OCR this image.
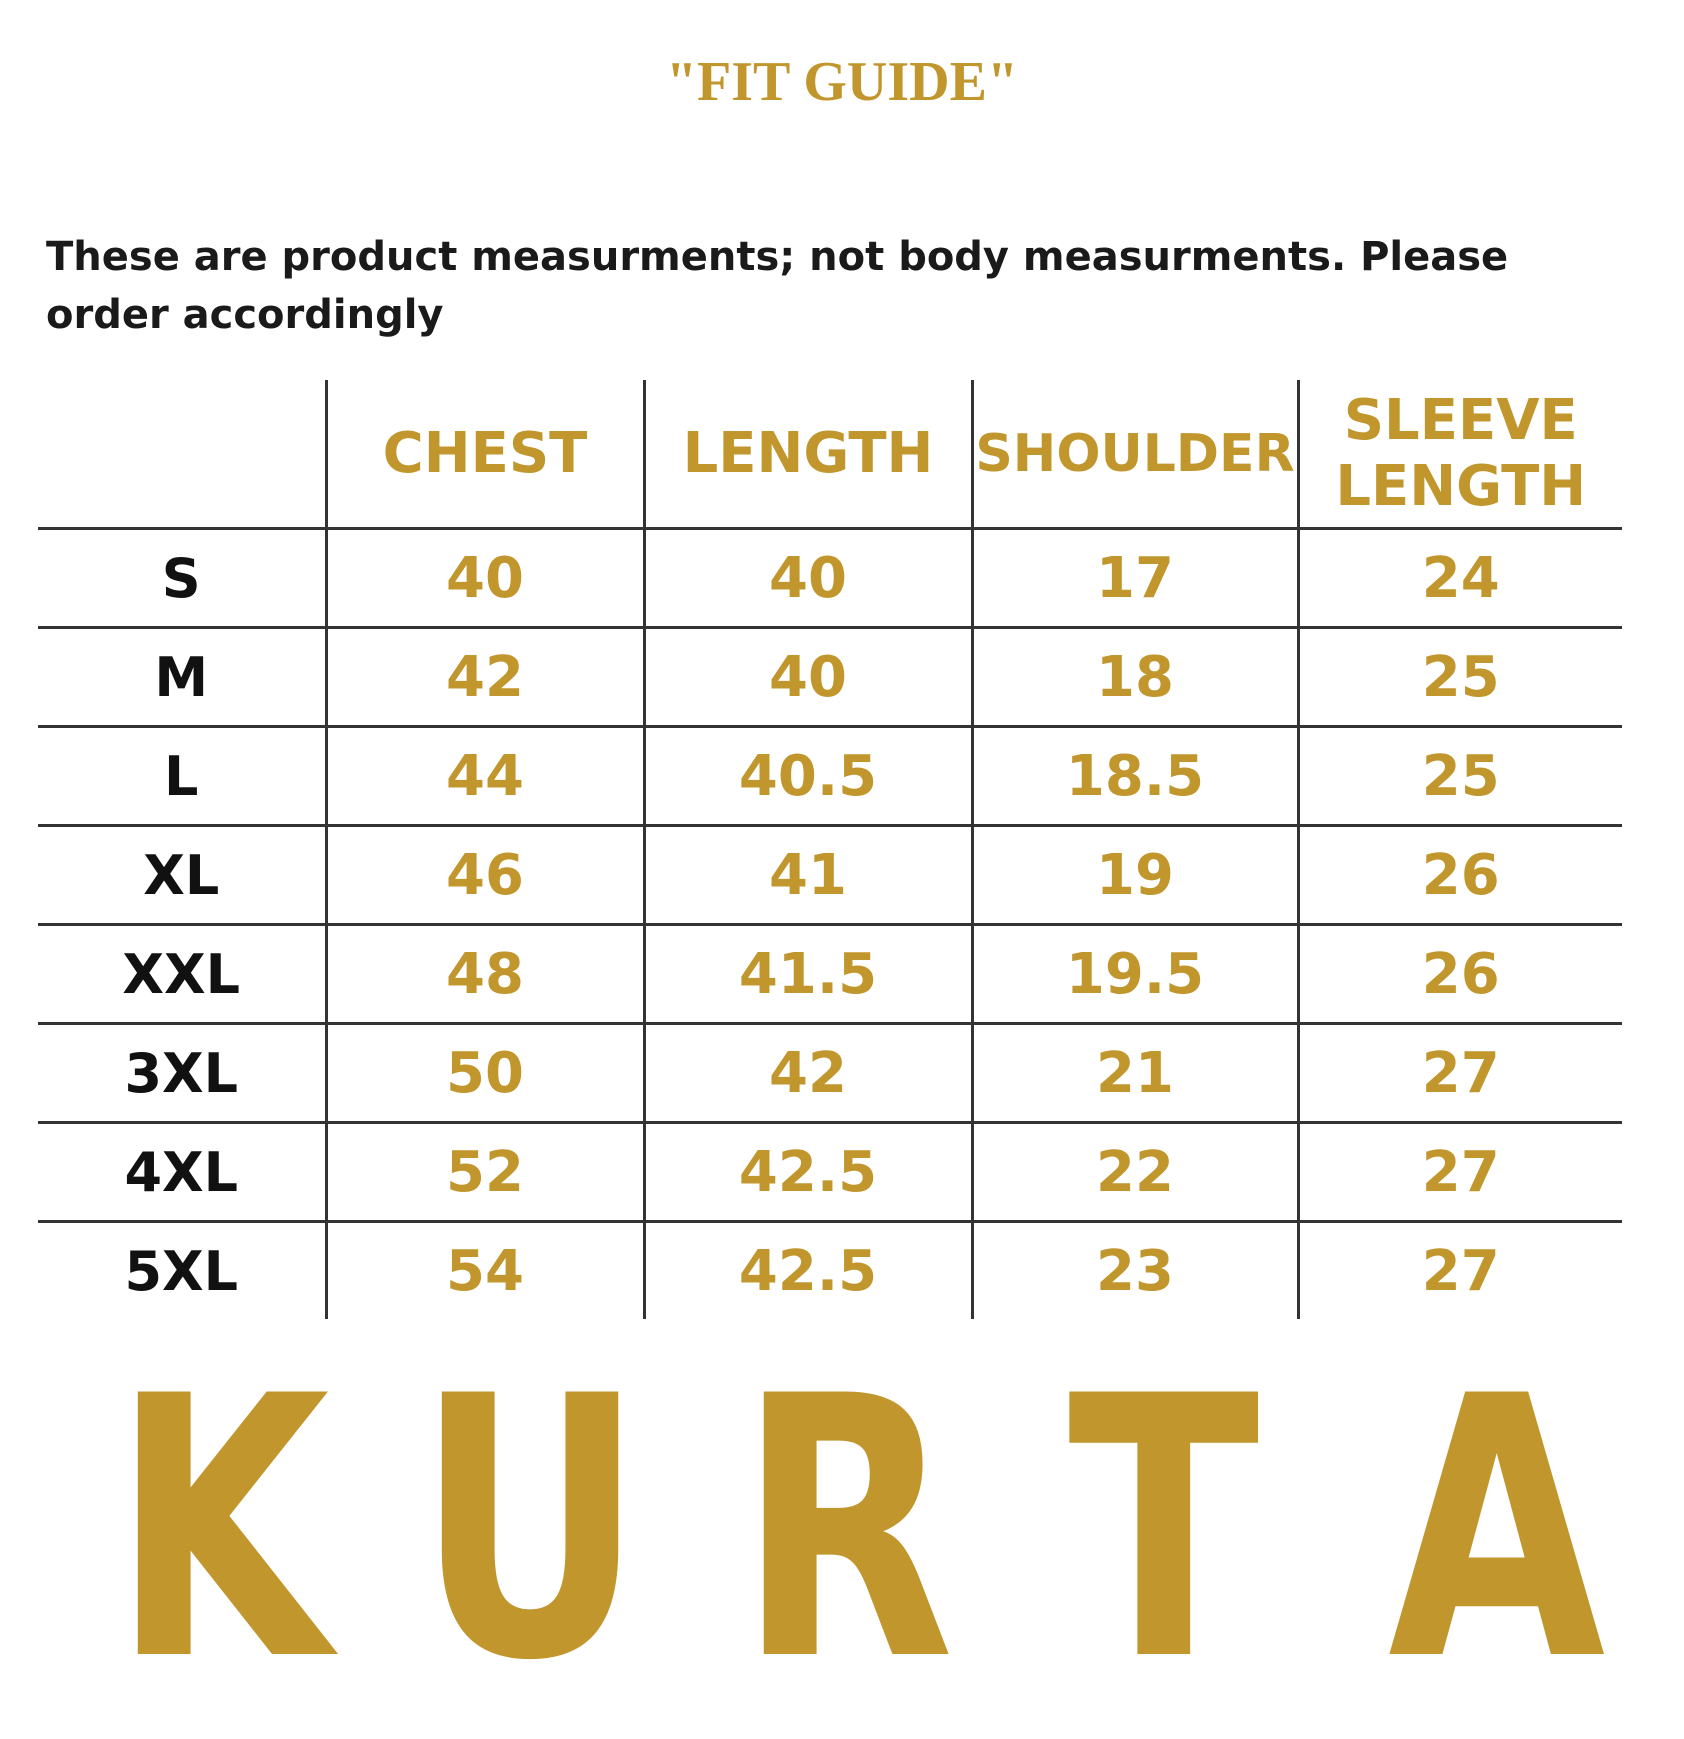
"FIT GUIDE"
These are product measurments; not body measurments. Please order accordingly
	CHEST	LENGTH	SHOULDER	SLEEVE
LENGTH
S	40	40	17	24
M	42	40	18	25
L	44	40.5	18.5	25
XL	46	41	19	26
XXL	48	41.5	19.5	26
3XL	50	42	21	27
4XL	52	42.5	22	27
5XL	54	42.5	23	27
K U R T A
